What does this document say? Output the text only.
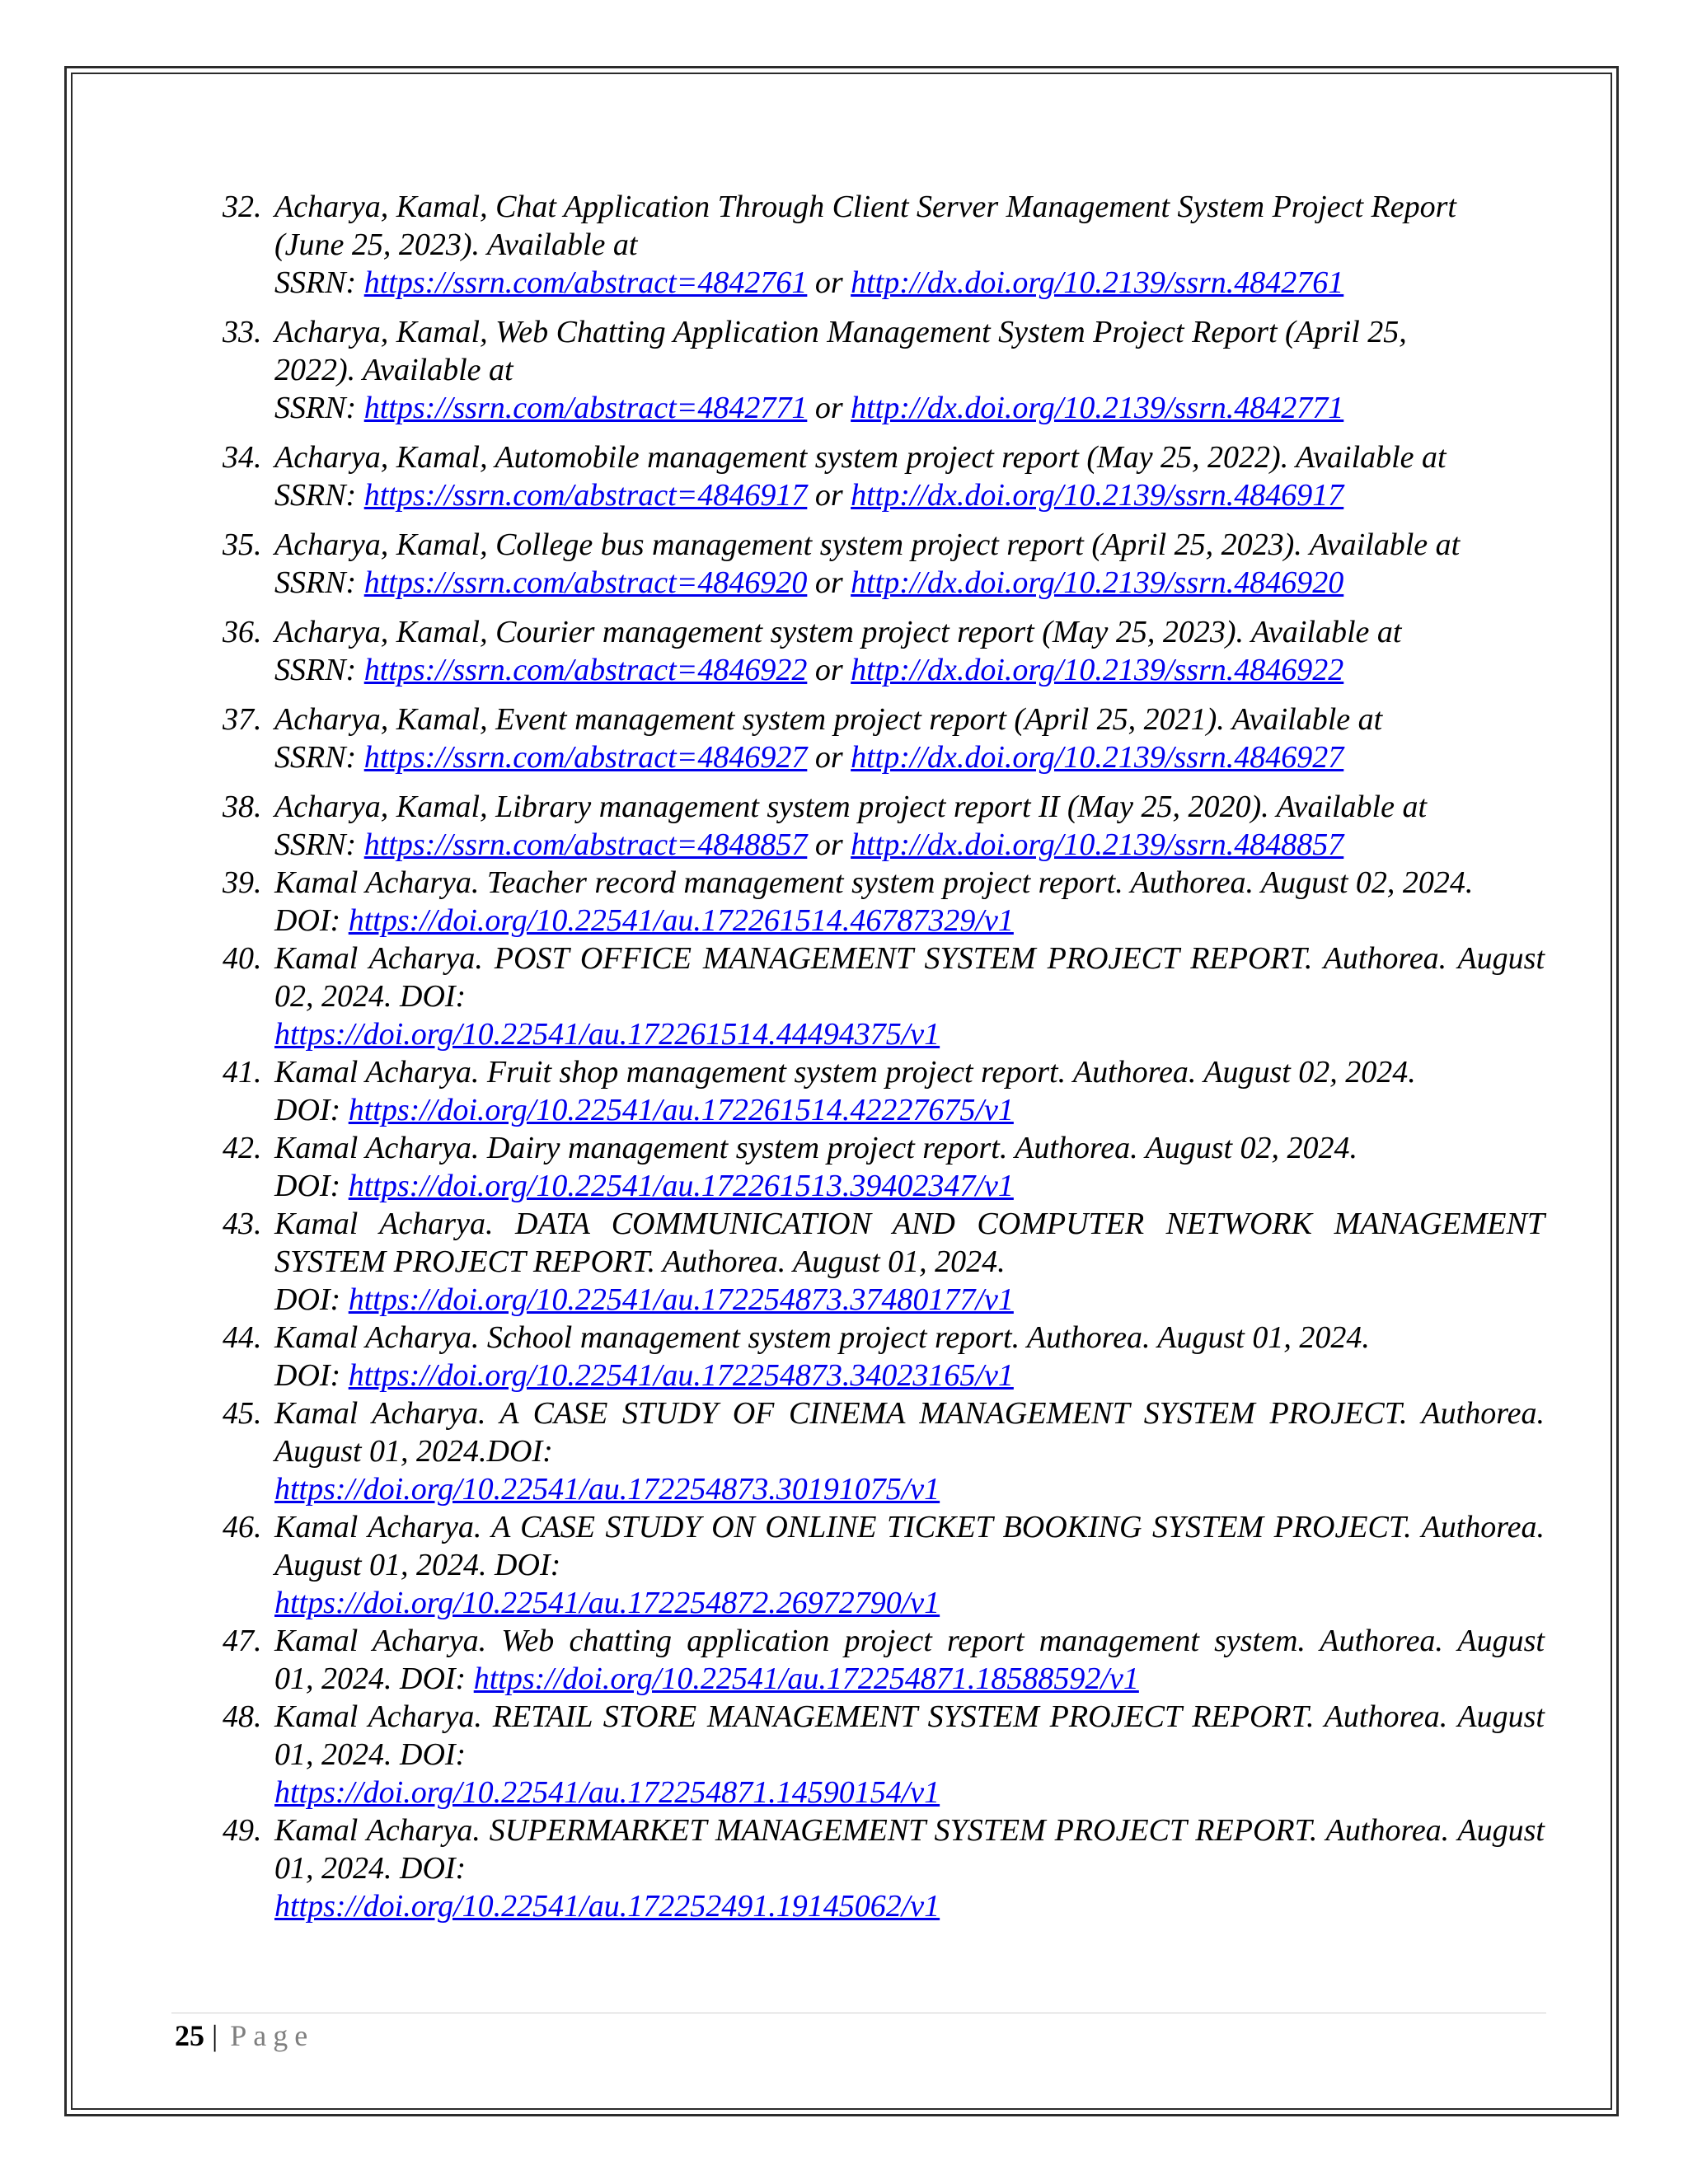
32. Acharya, Kamal, Chat Application Through Client Server Management System Project Report
(June 25, 2023). Available at
SSRN: https://ssrn.com/abstract=4842761 or http://dx.doi.org/10.2139/ssrn.4842761
33. Acharya, Kamal, Web Chatting Application Management System Project Report (April 25,
2022). Available at
SSRN: https://ssrn.com/abstract=4842771 or http://dx.doi.org/10.2139/ssrn.4842771
34. Acharya, Kamal, Automobile management system project report (May 25, 2022). Available at
SSRN: https://ssrn.com/abstract=4846917 or http://dx.doi.org/10.2139/ssrn.4846917
35. Acharya, Kamal, College bus management system project report (April 25, 2023). Available at
SSRN: https://ssrn.com/abstract=4846920 or http://dx.doi.org/10.2139/ssrn.4846920
36. Acharya, Kamal, Courier management system project report (May 25, 2023). Available at
SSRN: https://ssrn.com/abstract=4846922 or http://dx.doi.org/10.2139/ssrn.4846922
37. Acharya, Kamal, Event management system project report (April 25, 2021). Available at
SSRN: https://ssrn.com/abstract=4846927 or http://dx.doi.org/10.2139/ssrn.4846927
38. Acharya, Kamal, Library management system project report II (May 25, 2020). Available at
SSRN: https://ssrn.com/abstract=4848857 or http://dx.doi.org/10.2139/ssrn.4848857
39. Kamal Acharya. Teacher record management system project report. Authorea. August 02, 2024.
DOI: https://doi.org/10.22541/au.172261514.46787329/v1
40. Kamal Acharya. POST OFFICE MANAGEMENT SYSTEM PROJECT REPORT. Authorea. August 02, 2024. DOI:
https://doi.org/10.22541/au.172261514.44494375/v1
41. Kamal Acharya. Fruit shop management system project report. Authorea. August 02, 2024.
DOI: https://doi.org/10.22541/au.172261514.42227675/v1
42. Kamal Acharya. Dairy management system project report. Authorea. August 02, 2024.
DOI: https://doi.org/10.22541/au.172261513.39402347/v1
43. Kamal Acharya. DATA COMMUNICATION AND COMPUTER NETWORK MANAGEMENT
SYSTEM PROJECT REPORT. Authorea. August 01, 2024.
DOI: https://doi.org/10.22541/au.172254873.37480177/v1
44. Kamal Acharya. School management system project report. Authorea. August 01, 2024.
DOI: https://doi.org/10.22541/au.172254873.34023165/v1
45. Kamal Acharya. A CASE STUDY OF CINEMA MANAGEMENT SYSTEM PROJECT. Authorea. August 01, 2024.DOI:
https://doi.org/10.22541/au.172254873.30191075/v1
46. Kamal Acharya. A CASE STUDY ON ONLINE TICKET BOOKING SYSTEM PROJECT. Authorea. August 01, 2024. DOI:
https://doi.org/10.22541/au.172254872.26972790/v1
47. Kamal Acharya. Web chatting application project report management system. Authorea. August
01, 2024. DOI: https://doi.org/10.22541/au.172254871.18588592/v1
48. Kamal Acharya. RETAIL STORE MANAGEMENT SYSTEM PROJECT REPORT. Authorea. August 01, 2024. DOI:
https://doi.org/10.22541/au.172254871.14590154/v1
49. Kamal Acharya. SUPERMARKET MANAGEMENT SYSTEM PROJECT REPORT. Authorea. August 01, 2024. DOI:
https://doi.org/10.22541/au.172252491.19145062/v1
25 | Page
